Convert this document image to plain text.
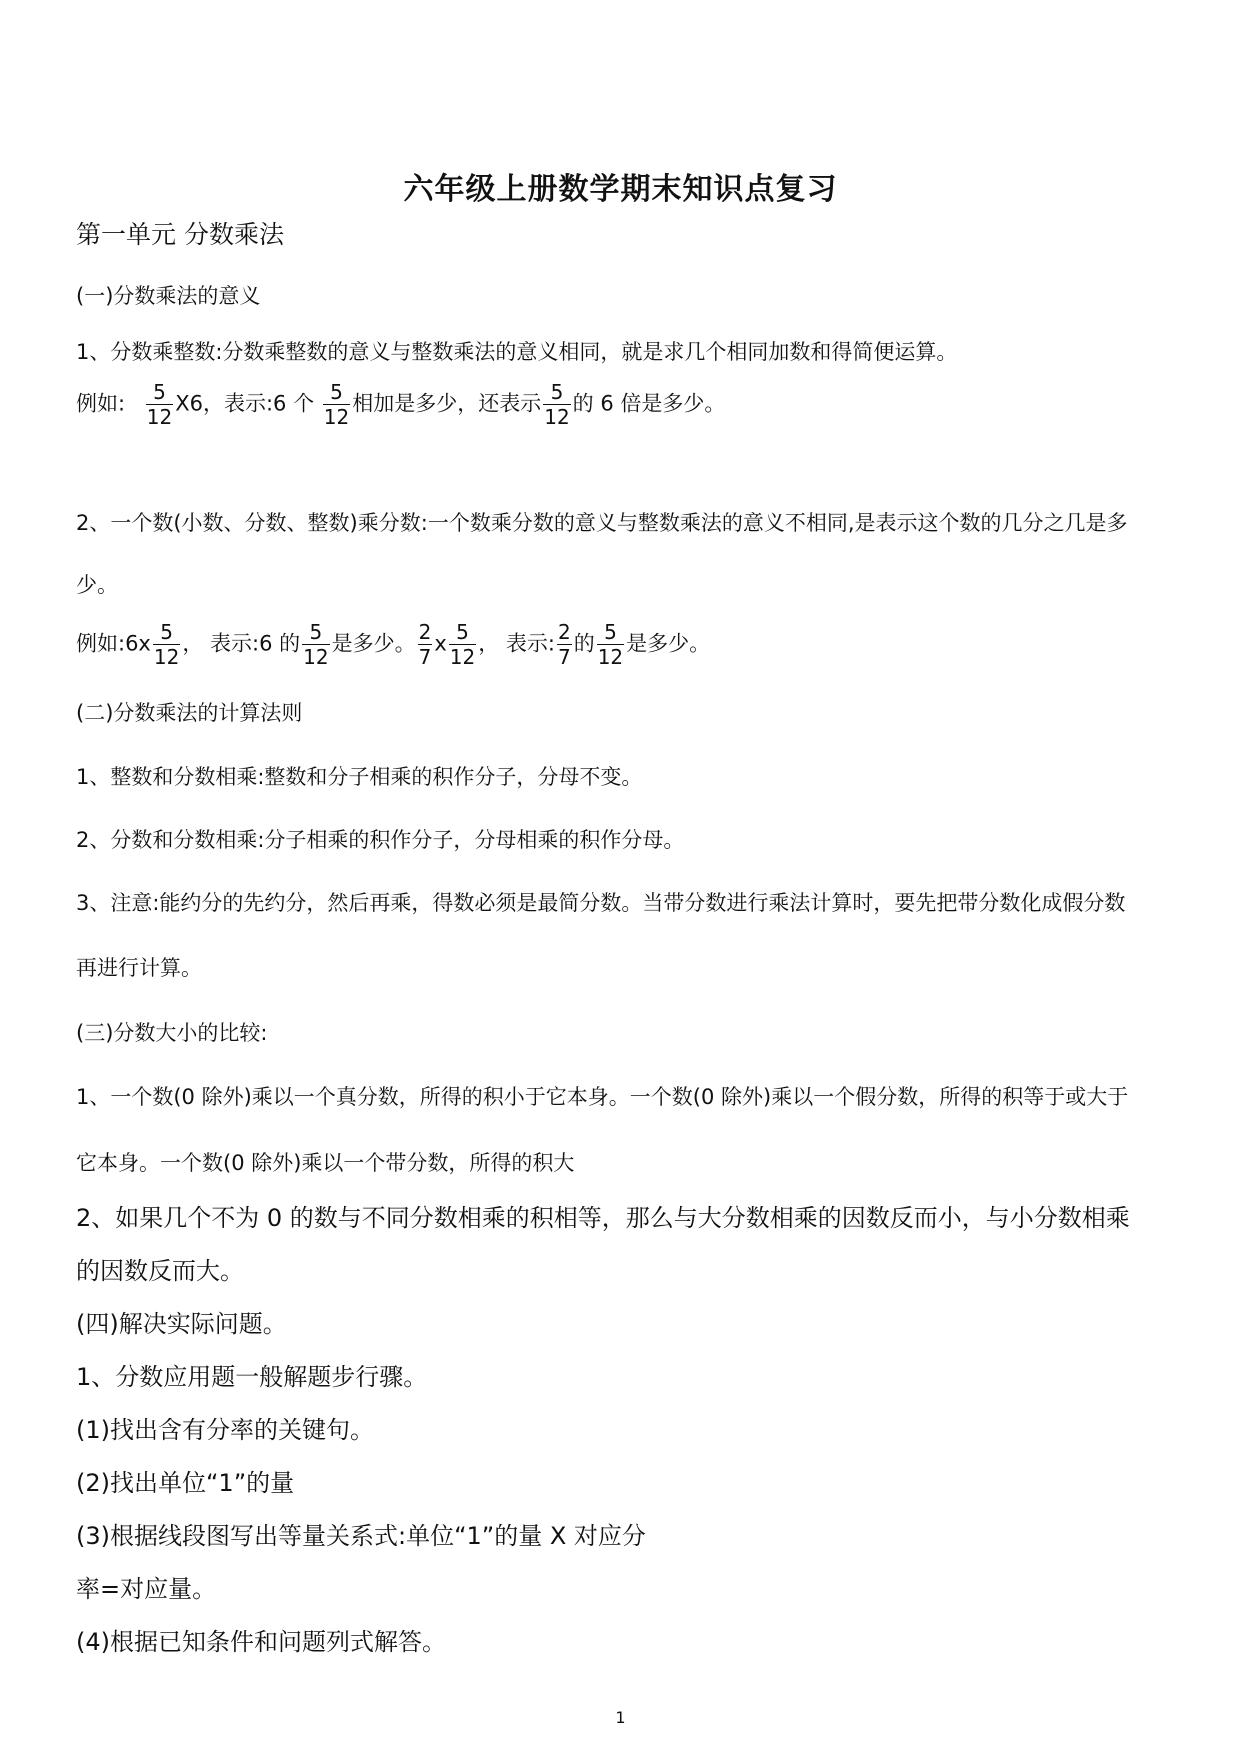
六年级上册数学期末知识点复习
第一单元 分数乘法
(一)分数乘法的意义
1、分数乘整数:分数乘整数的意义与整数乘法的意义相同，就是求几个相同加数和得简便运算。
例如: $\frac{5}{12} X6$，表示:6 个 $\frac{5}{12}$ 相加是多少，还表示 $\frac{5}{12}$ 的 6 倍是多少。
2、一个数(小数、分数、整数)乘分数:一个数乘分数的意义与整数乘法的意义不相同,是表示这个数的几分之几是多
少。
例如:6x $\frac{5}{12}$ ， 表示:6 的 $\frac{5}{12}$ 是多少。 $\frac{2}{7}$ x $\frac{5}{12}$ ， 表示: $\frac{2}{7}$ 的 $\frac{5}{12}$ 是多少。
(二)分数乘法的计算法则
1、整数和分数相乘:整数和分子相乘的积作分子，分母不变。
2、分数和分数相乘:分子相乘的积作分子，分母相乘的积作分母。
3、注意:能约分的先约分，然后再乘，得数必须是最简分数。当带分数进行乘法计算时，要先把带分数化成假分数
再进行计算。
(三)分数大小的比较:
1、一个数(0 除外)乘以一个真分数，所得的积小于它本身。一个数(0 除外)乘以一个假分数，所得的积等于或大于
它本身。一个数(0 除外)乘以一个带分数，所得的积大
2、如果几个不为 0 的数与不同分数相乘的积相等，那么与大分数相乘的因数反而小，与小分数相乘
的因数反而大。
(四)解决实际问题。
1、分数应用题一般解题步行骤。
(1)找出含有分率的关键句。
(2)找出单位“1”的量
(3)根据线段图写出等量关系式:单位“1”的量 X 对应分
率=对应量。
(4)根据已知条件和问题列式解答。
1
